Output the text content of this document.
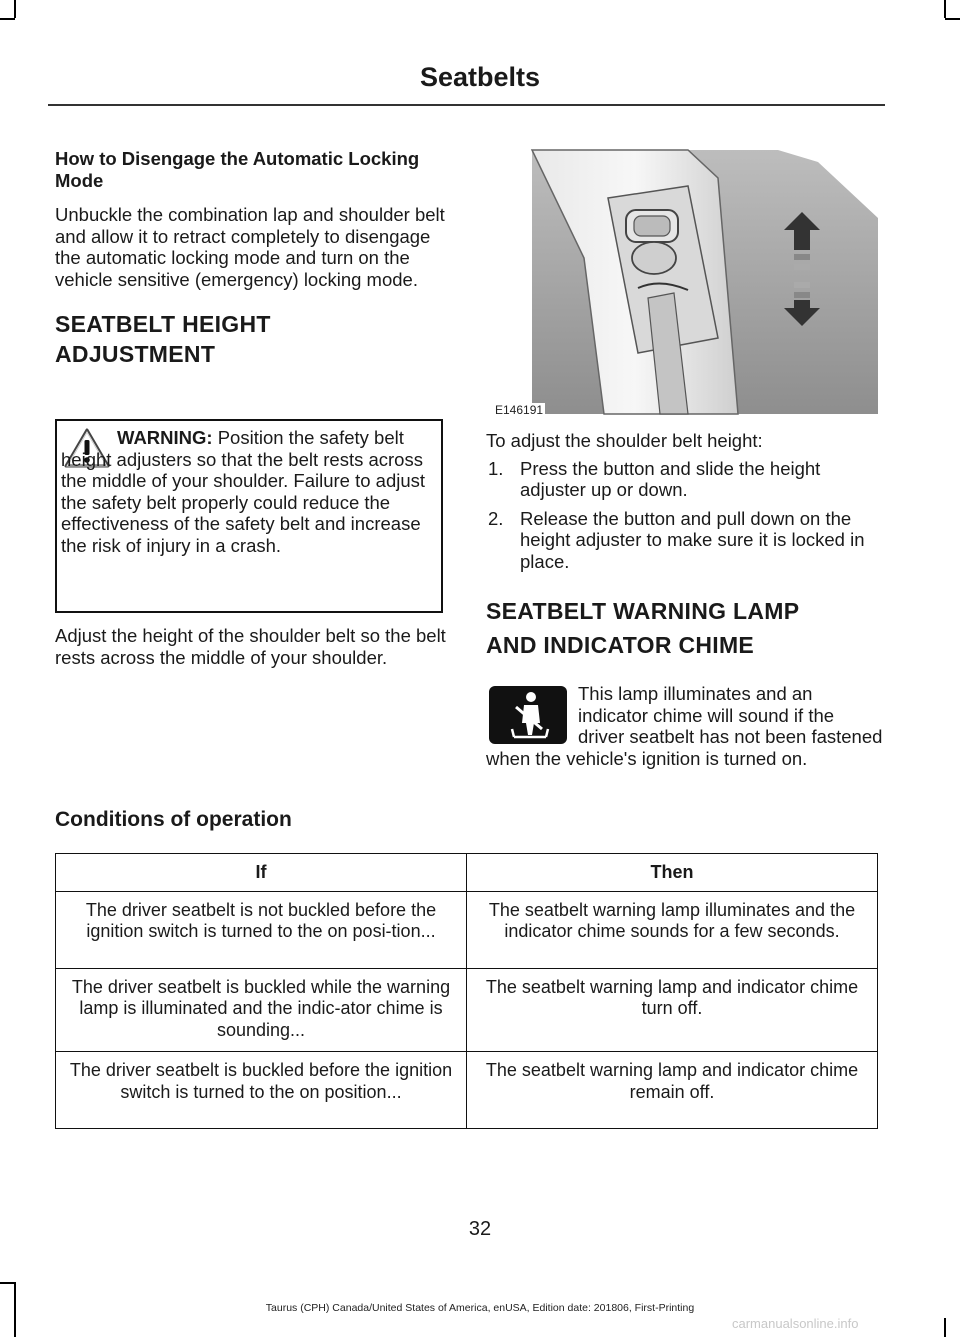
Seatbelts

How to Disengage the Automatic Locking Mode

Unbuckle the combination lap and shoulder belt and allow it to retract completely to disengage the automatic locking mode and turn on the vehicle sensitive (emergency) locking mode.

SEATBELT HEIGHT

ADJUSTMENT

WARNING: Position the safety belt height adjusters so that the belt rests across the middle of your shoulder. Failure to adjust the safety belt properly could reduce the effectiveness of the safety belt and increase the risk of injury in a crash.

Adjust the height of the shoulder belt so the belt rests across the middle of your shoulder.

E146191

To adjust the shoulder belt height:

1. Press the button and slide the height adjuster up or down.
2. Release the button and pull down on the height adjuster to make sure it is locked in place.

SEATBELT WARNING LAMP

AND INDICATOR CHIME

This lamp illuminates and an indicator chime will sound if the driver seatbelt has not been fastened when the vehicle's ignition is turned on.
Conditions of operation
If	Then
The driver seatbelt is not buckled before the ignition switch is turned to the on posi-tion...	The seatbelt warning lamp illuminates and the indicator chime sounds for a few seconds.
The driver seatbelt is buckled while the warning lamp is illuminated and the indic-ator chime is sounding...	The seatbelt warning lamp and indicator chime turn off.
The driver seatbelt is buckled before the ignition switch is turned to the on position...	The seatbelt warning lamp and indicator chime remain off.
32
Taurus (CPH) Canada/United States of America, enUSA, Edition date: 201806, First-Printing
carmanualsonline.info
